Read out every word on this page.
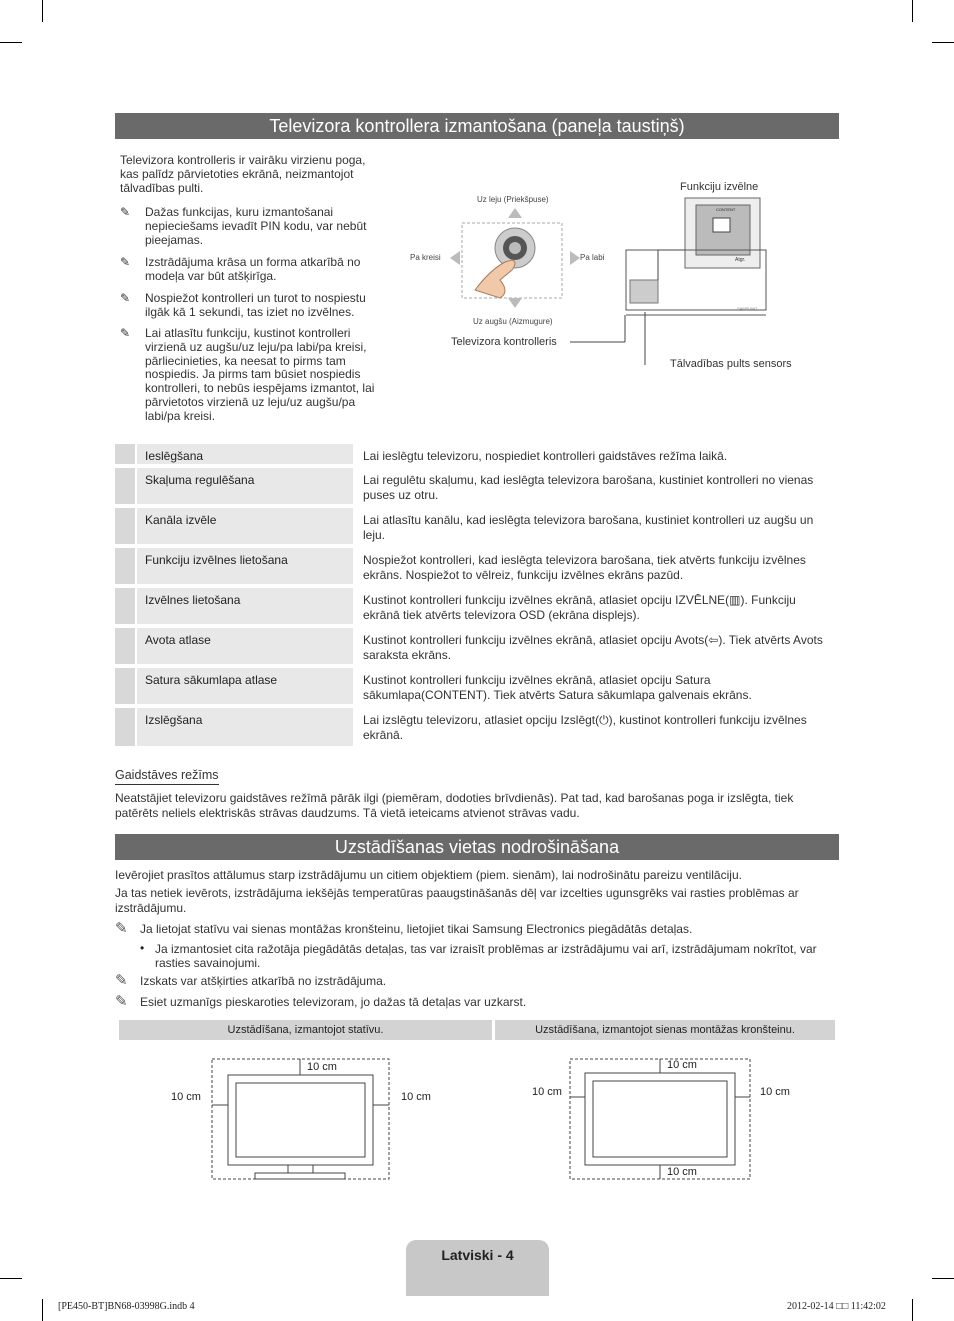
Televizora kontrollera izmantošana (paneļa taustiņš)
Televizora kontrolleris ir vairāku virzienu poga, kas palīdz pārvietoties ekrānā, neizmantojot tālvadības pulti.
✎ Dažas funkcijas, kuru izmantošanai nepieciešams ievadīt PIN kodu, var nebūt pieejamas.
✎ Izstrādājuma krāsa un forma atkarībā no modeļa var būt atšķirīga.
✎ Nospiežot kontrolleri un turot to nospiestu ilgāk kā 1 sekundi, tas iziet no izvēlnes.
✎ Lai atlasītu funkciju, kustinot kontrolleri virzienā uz augšu/uz leju/pa labi/pa kreisi, pārliecinieties, ka neesat to pirms tam nospiedis. Ja pirms tam būsiet nospiedis kontrolleri, to nebūs iespējams izmantot, lai pārvietotos virzienā uz leju/uz augšu/pa labi/pa kreisi.
Uz leju (Priekšpuse)
Uz augšu (Aizmugure)
Pa kreisi	Pa labi
Televizora kontrolleris
Funkciju izvēlne
Tālvadības pults sensors
CONTENT
Atgr.
SAMSUNG
Ieslēgšana	Lai ieslēgtu televizoru, nospiediet kontrolleri gaidstāves režīma laikā.
Skaļuma regulēšana	Lai regulētu skaļumu, kad ieslēgta televizora barošana, kustiniet kontrolleri no vienas puses uz otru.
Kanāla izvēle	Lai atlasītu kanālu, kad ieslēgta televizora barošana, kustiniet kontrolleri uz augšu un leju.
Funkciju izvēlnes lietošana	Nospiežot kontrolleri, kad ieslēgta televizora barošana, tiek atvērts funkciju izvēlnes ekrāns. Nospiežot to vēlreiz, funkciju izvēlnes ekrāns pazūd.
Izvēlnes lietošana	Kustinot kontrolleri funkciju izvēlnes ekrānā, atlasiet opciju IZVĒLNE(▥). Funkciju ekrānā tiek atvērts televizora OSD (ekrāna displejs).
Avota atlase	Kustinot kontrolleri funkciju izvēlnes ekrānā, atlasiet opciju Avots(⇦). Tiek atvērts Avots saraksta ekrāns.
Satura sākumlapa atlase	Kustinot kontrolleri funkciju izvēlnes ekrānā, atlasiet opciju Satura sākumlapa(CONTENT). Tiek atvērts Satura sākumlapa galvenais ekrāns.
Izslēgšana	Lai izslēgtu televizoru, atlasiet opciju Izslēgt(⏻), kustinot kontrolleri funkciju izvēlnes ekrānā.
Gaidstāves režīms
Neatstājiet televizoru gaidstāves režīmā pārāk ilgi (piemēram, dodoties brīvdienās). Pat tad, kad barošanas poga ir izslēgta, tiek patērēts neliels elektriskās strāvas daudzums. Tā vietā ieteicams atvienot strāvas vadu.
Uzstādīšanas vietas nodrošināšana
Ievērojiet prasītos attālumus starp izstrādājumu un citiem objektiem (piem. sienām), lai nodrošinātu pareizu ventilāciju.
Ja tas netiek ievērots, izstrādājuma iekšējās temperatūras paaugstināšanās dēļ var izcelties ugunsgrēks vai rasties problēmas ar izstrādājumu.
✎ Ja lietojat statīvu vai sienas montāžas kronšteinu, lietojiet tikai Samsung Electronics piegādātās detaļas.
• Ja izmantosiet cita ražotāja piegādātās detaļas, tas var izraisīt problēmas ar izstrādājumu vai arī, izstrādājumam nokrītot, var rasties savainojumi.
✎ Izskats var atšķirties atkarībā no izstrādājuma.
✎ Esiet uzmanīgs pieskaroties televizoram, jo dažas tā detaļas var uzkarst.
Uzstādīšana, izmantojot statīvu.	Uzstādīšana, izmantojot sienas montāžas kronšteinu.
10 cm
10 cm	10 cm
10 cm
10 cm	10 cm
10 cm
Latviski - 4
[PE450-BT]BN68-03998G.indb 4	2012-02-14 □□ 11:42:02
